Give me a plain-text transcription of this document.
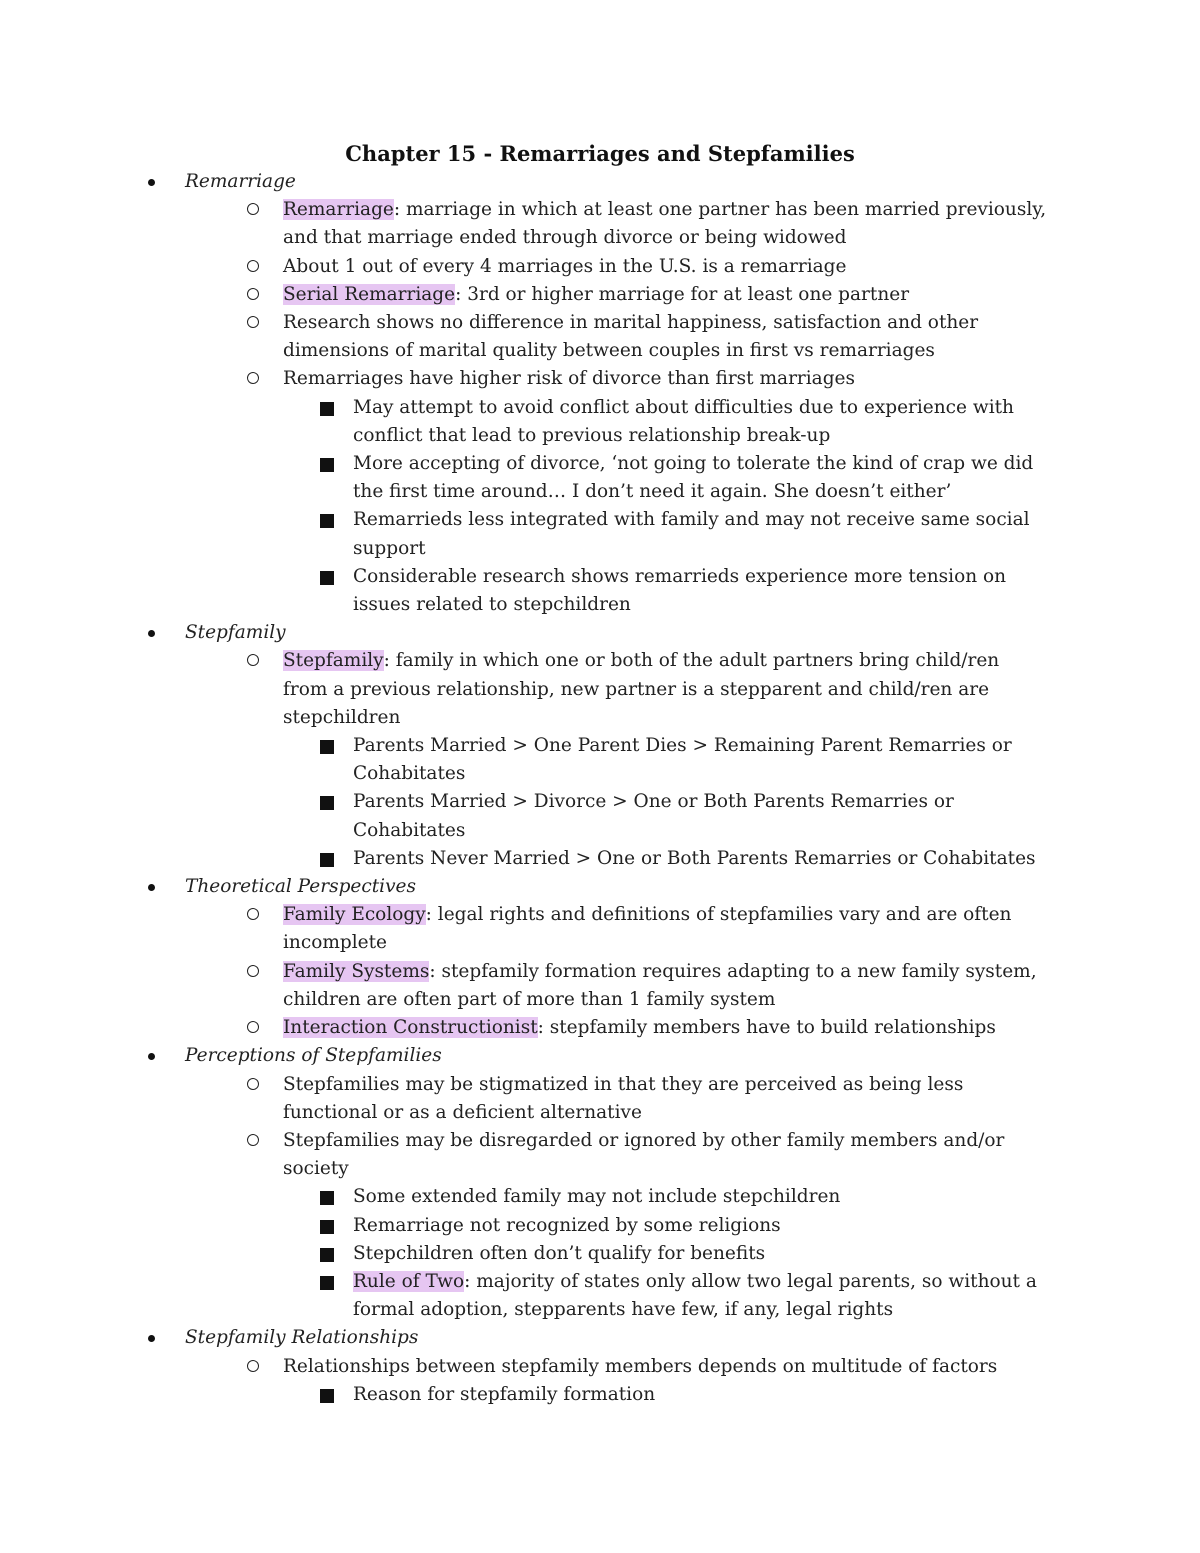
Chapter 15 - Remarriages and Stepfamilies
Remarriage
Remarriage: marriage in which at least one partner has been married previously,
and that marriage ended through divorce or being widowed
About 1 out of every 4 marriages in the U.S. is a remarriage
Serial Remarriage: 3rd or higher marriage for at least one partner
Research shows no difference in marital happiness, satisfaction and other
dimensions of marital quality between couples in first vs remarriages
Remarriages have higher risk of divorce than first marriages
May attempt to avoid conflict about difficulties due to experience with
conflict that lead to previous relationship break-up
More accepting of divorce, ‘not going to tolerate the kind of crap we did
the first time around… I don’t need it again. She doesn’t either’
Remarrieds less integrated with family and may not receive same social
support
Considerable research shows remarrieds experience more tension on
issues related to stepchildren
Stepfamily
Stepfamily: family in which one or both of the adult partners bring child/ren
from a previous relationship, new partner is a stepparent and child/ren are
stepchildren
Parents Married > One Parent Dies > Remaining Parent Remarries or
Cohabitates
Parents Married > Divorce > One or Both Parents Remarries or
Cohabitates
Parents Never Married > One or Both Parents Remarries or Cohabitates
Theoretical Perspectives
Family Ecology: legal rights and definitions of stepfamilies vary and are often
incomplete
Family Systems: stepfamily formation requires adapting to a new family system,
children are often part of more than 1 family system
Interaction Constructionist: stepfamily members have to build relationships
Perceptions of Stepfamilies
Stepfamilies may be stigmatized in that they are perceived as being less
functional or as a deficient alternative
Stepfamilies may be disregarded or ignored by other family members and/or
society
Some extended family may not include stepchildren
Remarriage not recognized by some religions
Stepchildren often don’t qualify for benefits
Rule of Two: majority of states only allow two legal parents, so without a
formal adoption, stepparents have few, if any, legal rights
Stepfamily Relationships
Relationships between stepfamily members depends on multitude of factors
Reason for stepfamily formation
